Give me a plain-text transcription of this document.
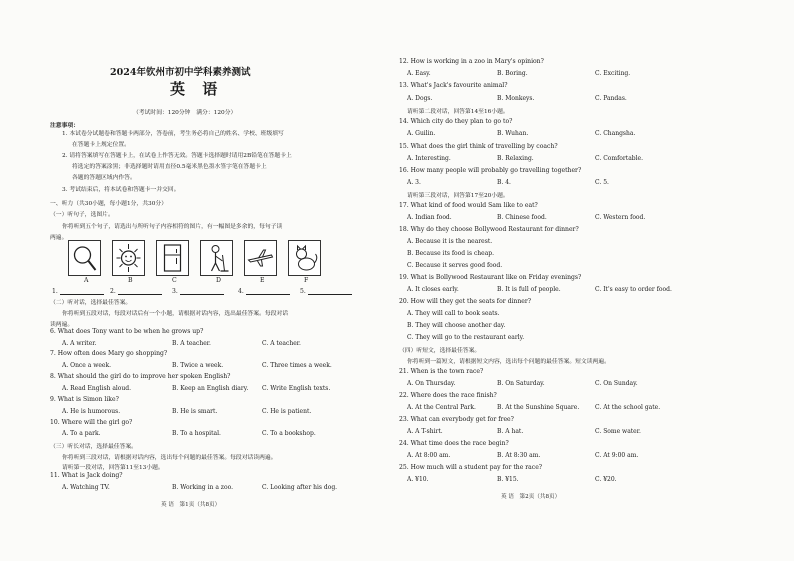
2024年钦州市初中学科素养测试
英 语
（考试时间：120分钟　满分：120分）
注意事项：
1. 本试卷分试题卷和答题卡两部分，答卷前，考生务必将自己的姓名、学校、班级填写
在答题卡上规定位置。
2. 请将答案填写在答题卡上，在试卷上作答无效。答题卡选择题时请用2B铅笔在答题卡上
将选定的答案涂黑；非选择题时请用直径0.5毫米黑色墨水签字笔在答题卡上
各题的答题区域内作答。
3. 考试结束后，将本试卷和答题卡一并交回。
一、听力（共30小题，每小题1分，共30分）
（一）听句子，选图片。
你将听到五个句子，请选出与所听句子内容相符的图片，有一幅图是多余的，每句子读
两遍。
A	B	C	D	E	F
1.	2.	3.	4.	5.
（二）听对话，选择最佳答案。
你将听到五段对话，每段对话后有一个小题，请根据对话内容，选出最佳答案。每段对话
读两遍。
6. What does Tony want to be when he grows up?
A. A writer.	B. A teacher.	C. A teacher.
7. How often does Mary go shopping?
A. Once a week.	B. Twice a week.	C. Three times a week.
8. What should the girl do to improve her spoken English?
A. Read English aloud.	B. Keep an English diary. C. Write English texts.
9. What is Simon like?
A. He is humorous.	B. He is smart.	C. He is patient.
10. Where will the girl go?
A. To a park.	B. To a hospital.	C. To a bookshop.
（三）听长对话，选择最佳答案。
你将听到三段对话，请根据对话内容，选出每个问题的最佳答案。每段对话读两遍。
请听第一段对话，回答第11至13小题。
11. What is Jack doing?
A. Watching TV.	B. Working in a zoo.	C. Looking after his dog.
英 语　第1页（共8页）
12. How is working in a zoo in Mary's opinion?
A. Easy.	B. Boring.	C. Exciting.
13. What's Jack's favourite animal?
A. Dogs.	B. Monkeys.	C. Pandas.
请听第二段对话，回答第14至16小题。
14. Which city do they plan to go to?
A. Guilin.	B. Wuhan.	C. Changsha.
15. What does the girl think of travelling by coach?
A. Interesting.	B. Relaxing.	C. Comfortable.
16. How many people will probably go travelling together?
A. 3.	B. 4.	C. 5.
请听第三段对话，回答第17至20小题。
17. What kind of food would Sam like to eat?
A. Indian food.	B. Chinese food.	C. Western food.
18. Why do they choose Bollywood Restaurant for dinner?
A. Because it is the nearest.
B. Because its food is cheap.
C. Because it serves good food.
19. What is Bollywood Restaurant like on Friday evenings?
A. It closes early.	B. It is full of people.	C. It's easy to order food.
20. How will they get the seats for dinner?
A. They will call to book seats.
B. They will choose another day.
C. They will go to the restaurant early.
（四）听短文，选择最佳答案。
你将听到一篇短文，请根据短文内容，选出每个问题的最佳答案。短文读两遍。
21. When is the town race?
A. On Thursday.	B. On Saturday.	C. On Sunday.
22. Where does the race finish?
A. At the Central Park.	B. At the Sunshine Square.	C. At the school gate.
23. What can everybody get for free?
A. A T-shirt.	B. A hat.	C. Some water.
24. What time does the race begin?
A. At 8:00 am.	B. At 8:30 am.	C. At 9:00 am.
25. How much will a student pay for the race?
A. ¥10.	B. ¥15.	C. ¥20.
英 语　第2页（共8页）
